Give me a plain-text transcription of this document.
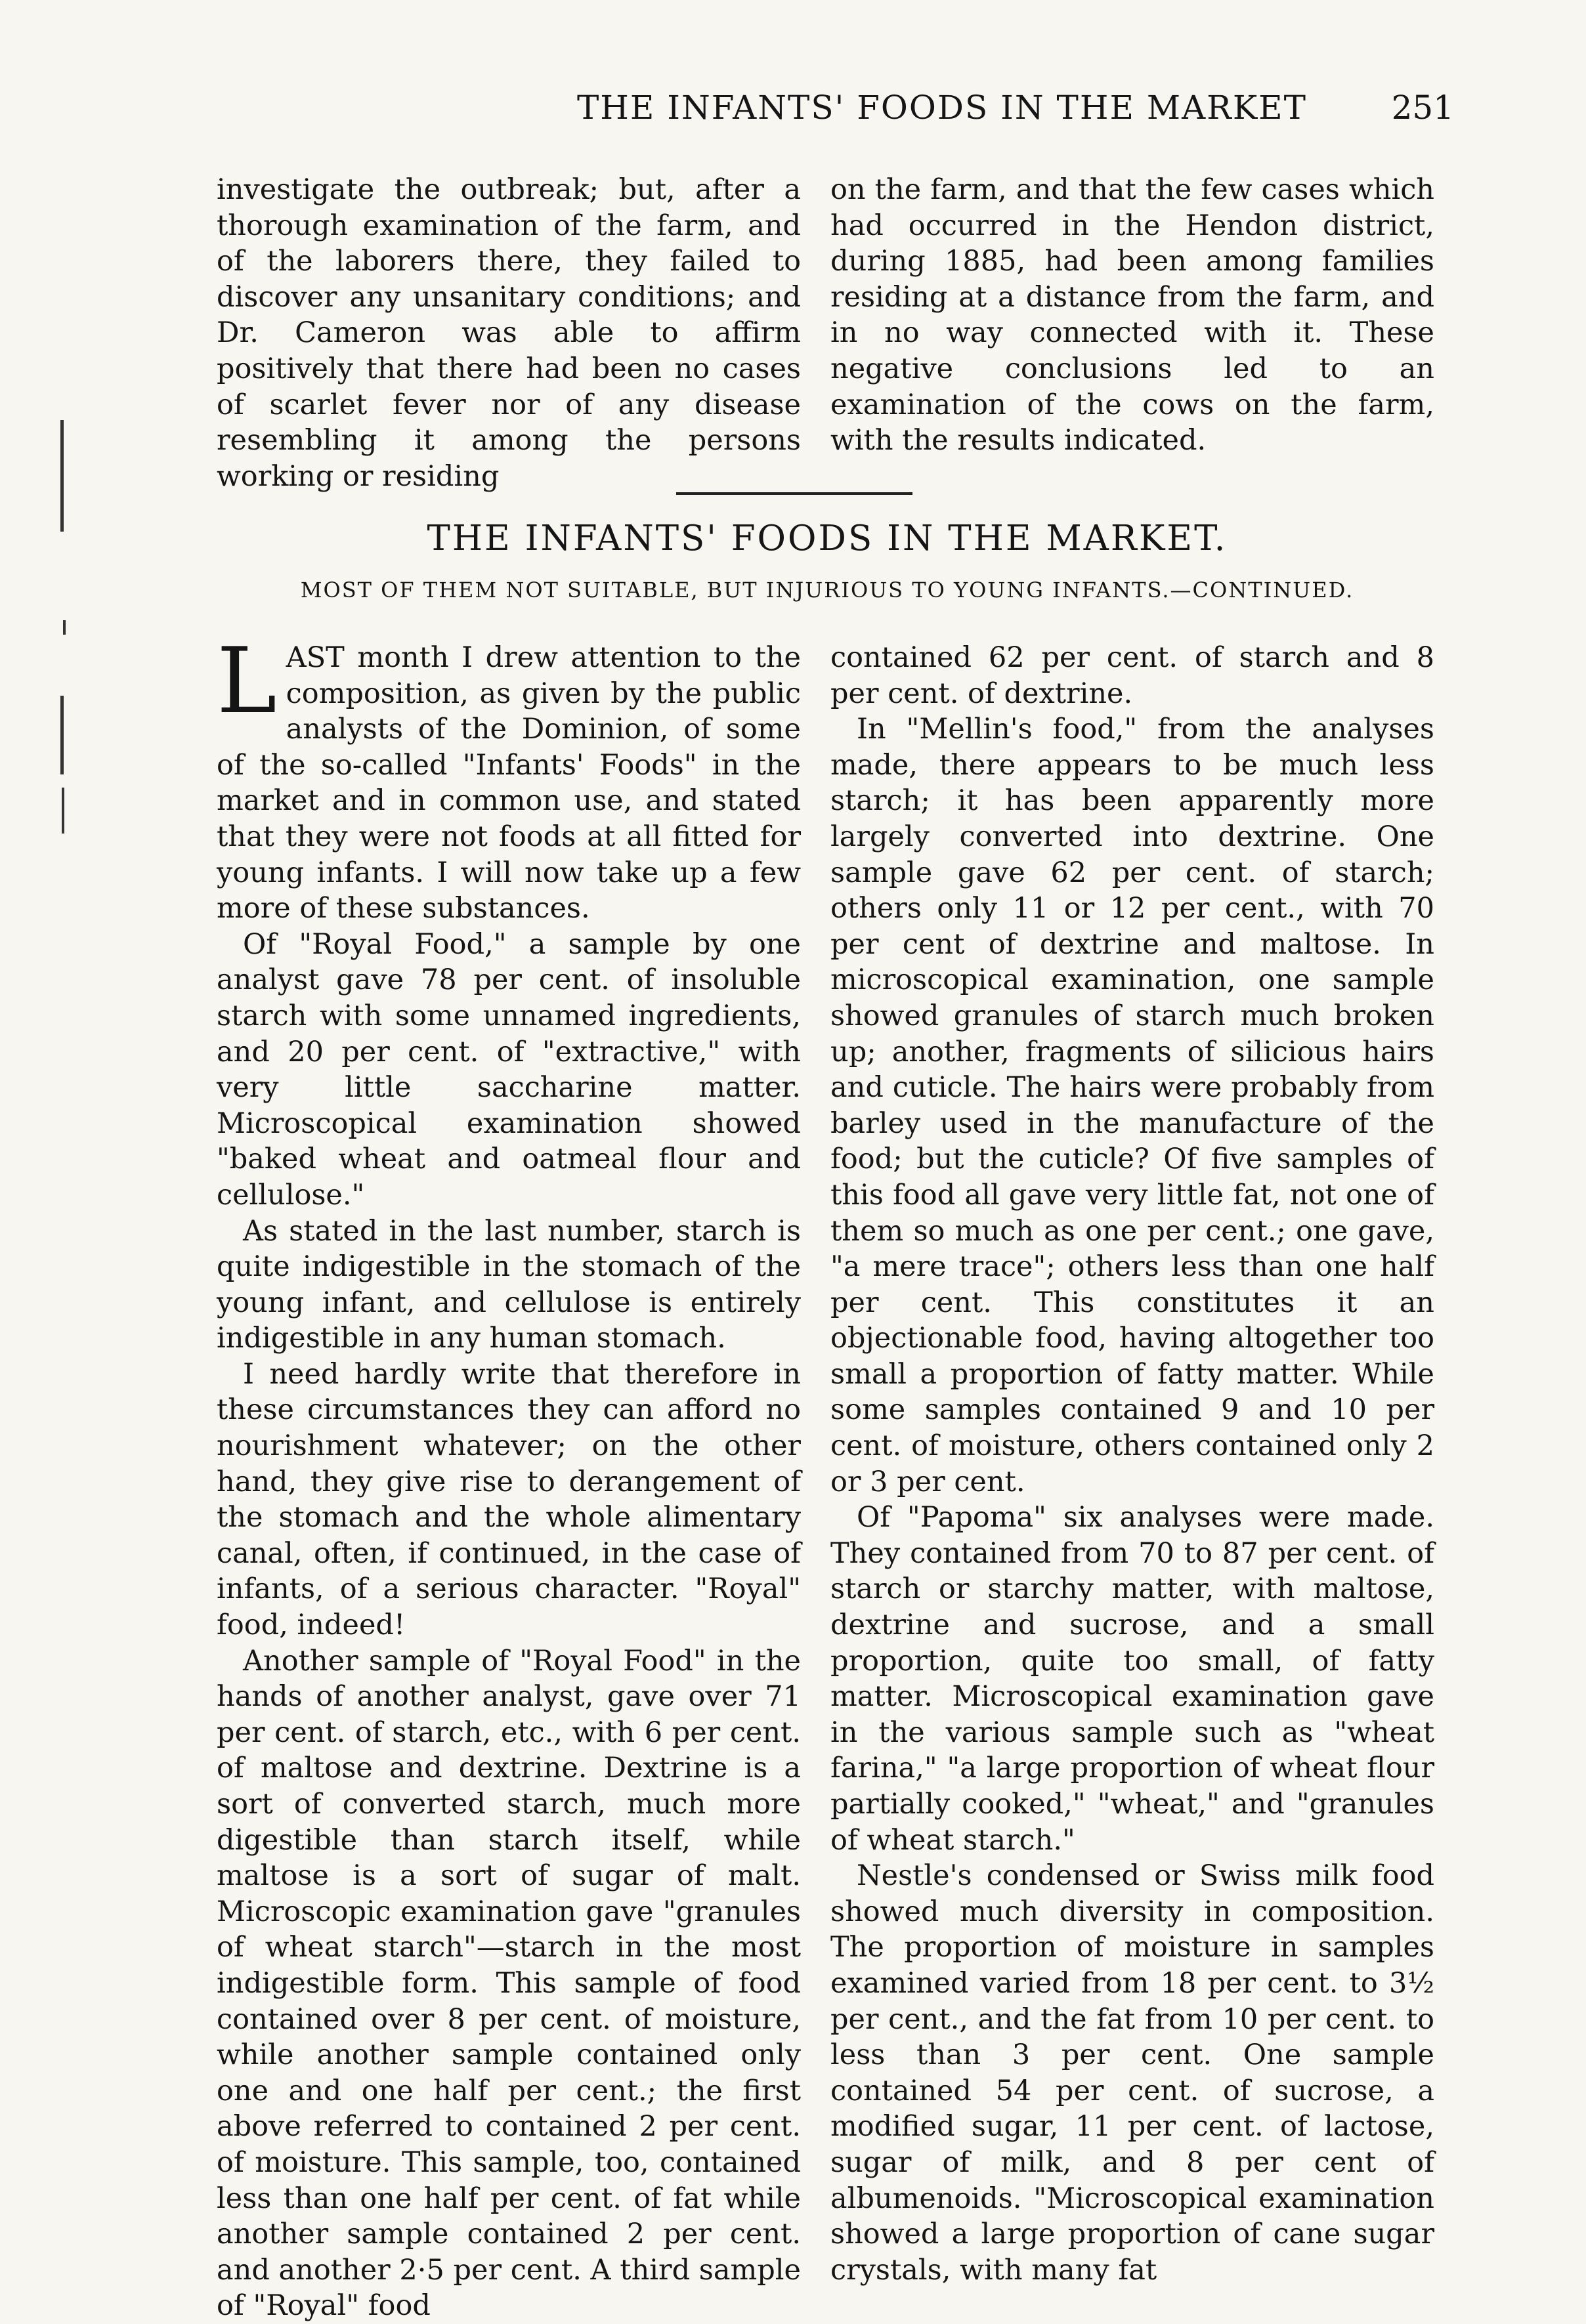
THE INFANTS' FOODS IN THE MARKET	251

investigate the outbreak; but, after a thorough examination of the farm, and of the laborers there, they failed to discover any unsanitary conditions; and Dr. Cameron was able to affirm positively that there had been no cases of scarlet fever nor of any disease resembling it among the persons working or residing

on the farm, and that the few cases which had occurred in the Hendon district, during 1885, had been among families residing at a distance from the farm, and in no way connected with it. These negative conclusions led to an examination of the cows on the farm, with the results indicated.

THE INFANTS' FOODS IN THE MARKET.
MOST OF THEM NOT SUITABLE, BUT INJURIOUS TO YOUNG INFANTS.—CONTINUED.

LAST month I drew attention to the composition, as given by the public analysts of the Dominion, of some of the so-called "Infants' Foods" in the market and in common use, and stated that they were not foods at all fitted for young infants. I will now take up a few more of these substances.

Of "Royal Food," a sample by one analyst gave 78 per cent. of insoluble starch with some unnamed ingredients, and 20 per cent. of "extractive," with very little saccharine matter. Microscopical examination showed "baked wheat and oatmeal flour and cellulose."

As stated in the last number, starch is quite indigestible in the stomach of the young infant, and cellulose is entirely indigestible in any human stomach.

I need hardly write that therefore in these circumstances they can afford no nourishment whatever; on the other hand, they give rise to derangement of the stomach and the whole alimentary canal, often, if continued, in the case of infants, of a serious character. "Royal" food, indeed!

Another sample of "Royal Food" in the hands of another analyst, gave over 71 per cent. of starch, etc., with 6 per cent. of maltose and dextrine. Dextrine is a sort of converted starch, much more digestible than starch itself, while maltose is a sort of sugar of malt. Microscopic examination gave "granules of wheat starch"—starch in the most indigestible form. This sample of food contained over 8 per cent. of moisture, while another sample contained only one and one half per cent.; the first above referred to contained 2 per cent. of moisture. This sample, too, contained less than one half per cent. of fat while another sample contained 2 per cent. and another 2·5 per cent. A third sample of "Royal" food

contained 62 per cent. of starch and 8 per cent. of dextrine.

In "Mellin's food," from the analyses made, there appears to be much less starch; it has been apparently more largely converted into dextrine. One sample gave 62 per cent. of starch; others only 11 or 12 per cent., with 70 per cent of dextrine and maltose. In microscopical examination, one sample showed granules of starch much broken up; another, fragments of silicious hairs and cuticle. The hairs were probably from barley used in the manufacture of the food; but the cuticle? Of five samples of this food all gave very little fat, not one of them so much as one per cent.; one gave, "a mere trace"; others less than one half per cent. This constitutes it an objectionable food, having altogether too small a proportion of fatty matter. While some samples contained 9 and 10 per cent. of moisture, others contained only 2 or 3 per cent.

Of "Papoma" six analyses were made. They contained from 70 to 87 per cent. of starch or starchy matter, with maltose, dextrine and sucrose, and a small proportion, quite too small, of fatty matter. Microscopical examination gave in the various sample such as "wheat farina," "a large proportion of wheat flour partially cooked," "wheat," and "granules of wheat starch."

Nestle's condensed or Swiss milk food showed much diversity in composition. The proportion of moisture in samples examined varied from 18 per cent. to 3½ per cent., and the fat from 10 per cent. to less than 3 per cent. One sample contained 54 per cent. of sucrose, a modified sugar, 11 per cent. of lactose, sugar of milk, and 8 per cent of albumenoids. "Microscopical examination showed a large proportion of cane sugar crystals, with many fat
